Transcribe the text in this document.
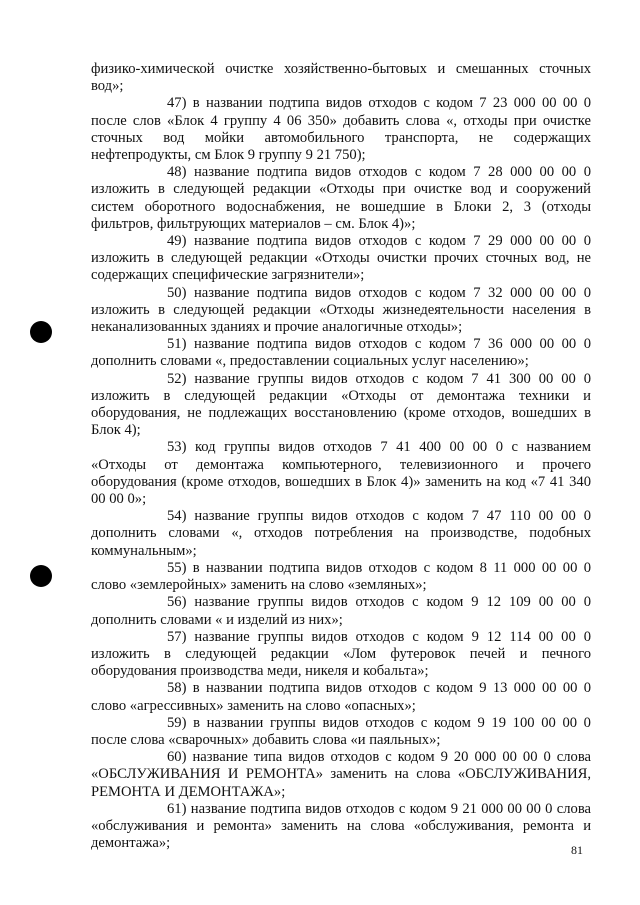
физико-химической очистке хозяйственно-бытовых и смешанных сточных вод»;

47) в названии подтипа видов отходов с кодом 7 23 000 00 00 0 после слов «Блок 4 группу 4 06 350» добавить слова «, отходы при очистке сточных вод мойки автомобильного транспорта, не содержащих нефтепродукты, см Блок 9 группу 9 21 750);

48) название подтипа видов отходов с кодом 7 28 000 00 00 0 изложить в следующей редакции «Отходы при очистке вод и сооружений систем оборотного водоснабжения, не вошедшие в Блоки 2, 3 (отходы фильтров, фильтрующих материалов – см. Блок 4)»;

49) название подтипа видов отходов с кодом 7 29 000 00 00 0 изложить в следующей редакции «Отходы очистки прочих сточных вод, не содержащих специфические загрязнители»;

50) название подтипа видов отходов с кодом 7 32 000 00 00 0 изложить в следующей редакции «Отходы жизнедеятельности населения в неканализованных зданиях и прочие аналогичные отходы»;

51) название подтипа видов отходов с кодом 7 36 000 00 00 0 дополнить словами «, предоставлении социальных услуг населению»;

52) название группы видов отходов с кодом 7 41 300 00 00 0 изложить в следующей редакции «Отходы от демонтажа техники и оборудования, не подлежащих восстановлению (кроме отходов, вошедших в Блок 4);

53) код группы видов отходов 7 41 400 00 00 0 с названием «Отходы от демонтажа компьютерного, телевизионного и прочего оборудования (кроме отходов, вошедших в Блок 4)» заменить на код «7 41 340 00 00 0»;

54) название группы видов отходов с кодом 7 47 110 00 00 0 дополнить словами «, отходов потребления на производстве, подобных коммунальным»;

55) в названии подтипа видов отходов с кодом 8 11 000 00 00 0 слово «землеройных» заменить на слово «земляных»;

56) название группы видов отходов с кодом 9 12 109 00 00 0 дополнить словами « и изделий из них»;

57) название группы видов отходов с кодом 9 12 114 00 00 0 изложить в следующей редакции «Лом футеровок печей и печного оборудования производства меди, никеля и кобальта»;

58) в названии подтипа видов отходов с кодом 9 13 000 00 00 0 слово «агрессивных» заменить на слово «опасных»;

59) в названии группы видов отходов с кодом 9 19 100 00 00 0 после слова «сварочных» добавить слова «и паяльных»;

60) название типа видов отходов с кодом 9 20 000 00 00 0 слова «ОБСЛУЖИВАНИЯ И РЕМОНТА» заменить на слова «ОБСЛУЖИВАНИЯ, РЕМОНТА И ДЕМОНТАЖА»;

61) название подтипа видов отходов с кодом 9 21 000 00 00 0 слова «обслуживания и ремонта» заменить на слова «обслуживания, ремонта и демонтажа»;	81
